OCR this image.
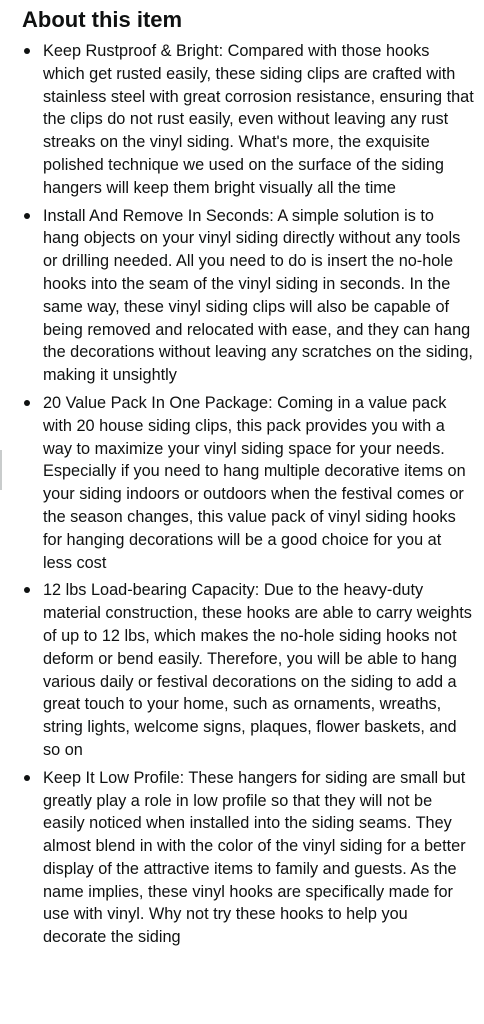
About this item
Keep Rustproof & Bright: Compared with those hooks which get rusted easily, these siding clips are crafted with stainless steel with great corrosion resistance, ensuring that the clips do not rust easily, even without leaving any rust streaks on the vinyl siding. What's more, the exquisite polished technique we used on the surface of the siding hangers will keep them bright visually all the time
Install And Remove In Seconds: A simple solution is to hang objects on your vinyl siding directly without any tools or drilling needed. All you need to do is insert the no-hole hooks into the seam of the vinyl siding in seconds. In the same way, these vinyl siding clips will also be capable of being removed and relocated with ease, and they can hang the decorations without leaving any scratches on the siding, making it unsightly
20 Value Pack In One Package: Coming in a value pack with 20 house siding clips, this pack provides you with a way to maximize your vinyl siding space for your needs. Especially if you need to hang multiple decorative items on your siding indoors or outdoors when the festival comes or the season changes, this value pack of vinyl siding hooks for hanging decorations will be a good choice for you at less cost
12 lbs Load-bearing Capacity: Due to the heavy-duty material construction, these hooks are able to carry weights of up to 12 lbs, which makes the no-hole siding hooks not deform or bend easily. Therefore, you will be able to hang various daily or festival decorations on the siding to add a great touch to your home, such as ornaments, wreaths, string lights, welcome signs, plaques, flower baskets, and so on
Keep It Low Profile: These hangers for siding are small but greatly play a role in low profile so that they will not be easily noticed when installed into the siding seams. They almost blend in with the color of the vinyl siding for a better display of the attractive items to family and guests. As the name implies, these vinyl hooks are specifically made for use with vinyl. Why not try these hooks to help you decorate the siding
